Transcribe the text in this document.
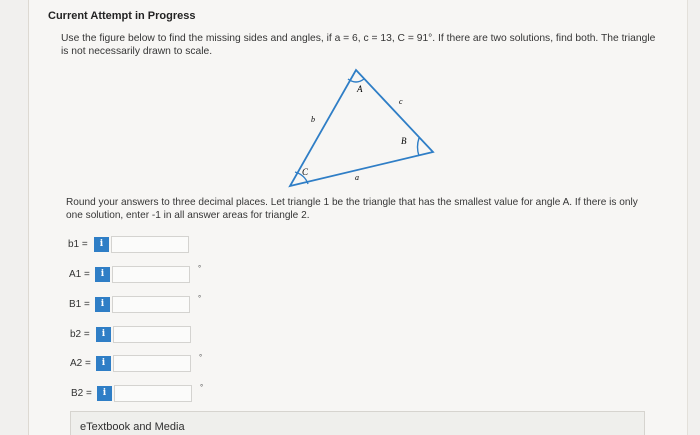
Current Attempt in Progress
Use the figure below to find the missing sides and angles, if a = 6, c = 13, C = 91°. If there are two solutions, find both. The triangle is not necessarily drawn to scale.
A
B
C
a
b
c
Round your answers to three decimal places. Let triangle 1 be the triangle that has the smallest value for angle A. If there is only one solution, enter -1 in all answer areas for triangle 2.
b1 =	i
A1 =	i
°
B1 =	i
°
b2 =	i
A2 =	i
°
B2 =	i
°
eTextbook and Media
